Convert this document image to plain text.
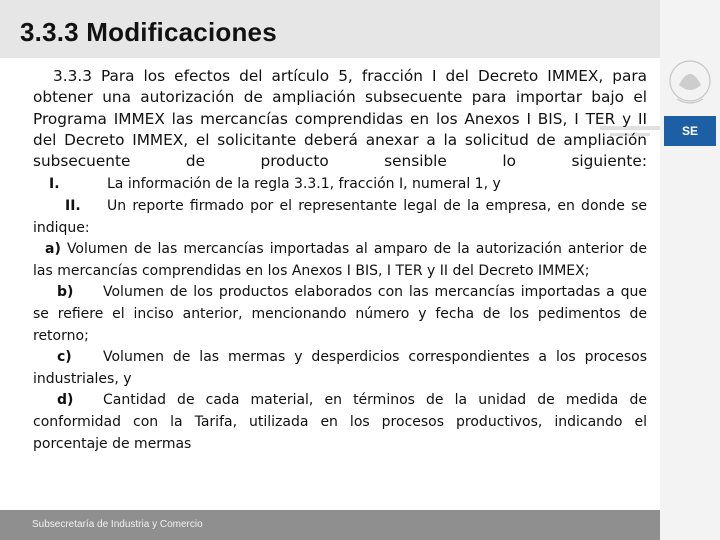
3.3.3 Modificaciones
SE
3.3.3 Para los efectos del artículo 5, fracción I del Decreto IMMEX, para obtener una autorización de ampliación subsecuente para importar bajo el Programa IMMEX las mercancías comprendidas en los Anexos I BIS, I TER y II del Decreto IMMEX, el solicitante deberá anexar a la solicitud de ampliación subsecuente de producto sensible lo siguiente:
I.	La información de la regla 3.3.1, fracción I, numeral 1, y
II. Un reporte firmado por el representante legal de la empresa, en donde se indique:
a) Volumen de las mercancías importadas al amparo de la autorización anterior de las mercancías comprendidas en los Anexos I BIS, I TER y II del Decreto IMMEX;
b) Volumen de los productos elaborados con las mercancías importadas a que se refiere el inciso anterior, mencionando número y fecha de los pedimentos de retorno;
c) Volumen de las mermas y desperdicios correspondientes a los procesos industriales, y
d) Cantidad de cada material, en términos de la unidad de medida de conformidad con la Tarifa, utilizada en los procesos productivos, indicando el porcentaje de mermas
Subsecretaría de Industria y Comercio
